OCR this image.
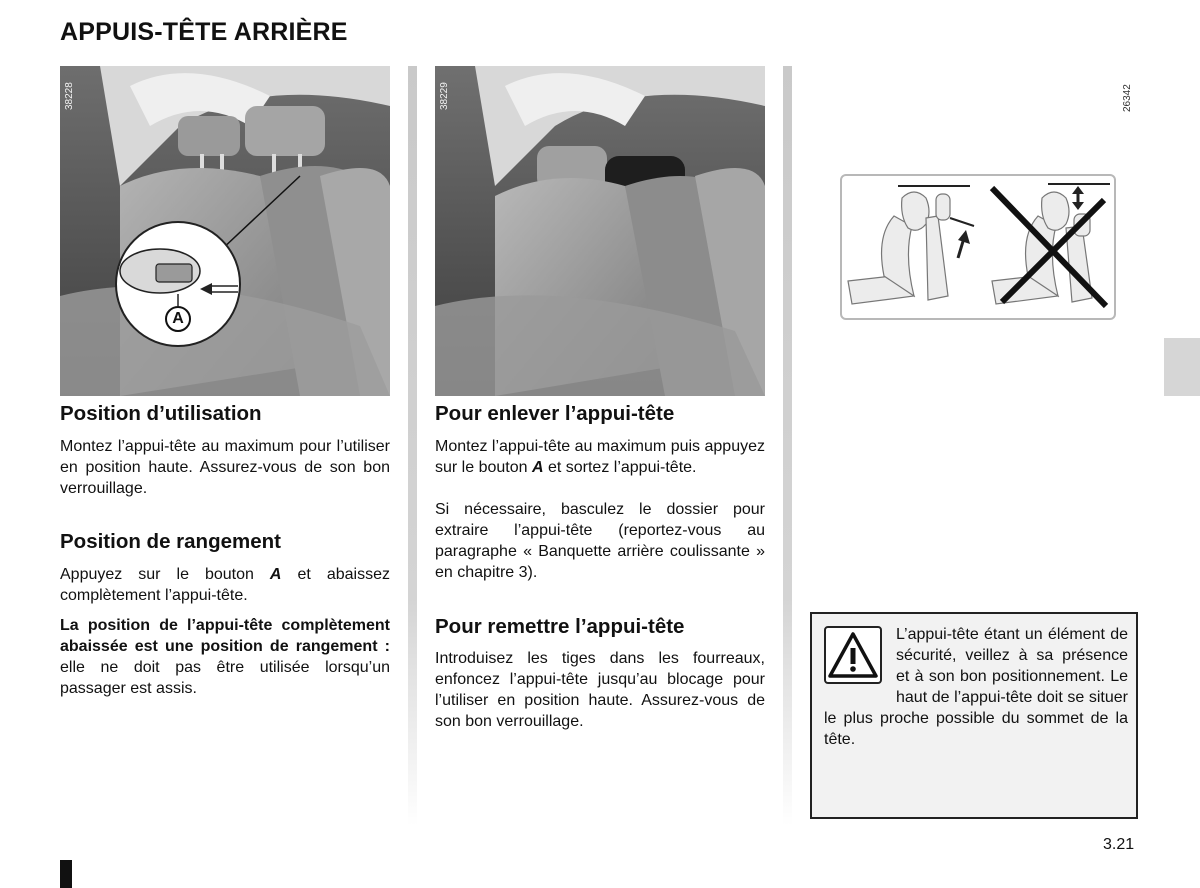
APPUIS-TÊTE ARRIÈRE
A
38228	38229	26342
Position d’utilisation

Montez l’appui-tête au maximum pour l’utiliser en position haute. Assurez-vous de son bon verrouillage.

Position de rangement

Appuyez sur le bouton A et abaissez complètement l’appui-tête.

La position de l’appui-tête complètement abaissée est une position de rangement : elle ne doit pas être utilisée lorsqu’un passager est assis.

Pour enlever l’appui-tête

Montez l’appui-tête au maximum puis appuyez sur le bouton A et sortez l’appui-tête.

Si nécessaire, basculez le dossier pour extraire l’appui-tête (reportez-vous au paragraphe « Banquette arrière coulissante » en chapitre 3).

Pour remettre l’appui-tête

Introduisez les tiges dans les fourreaux, enfoncez l’appui-tête jusqu’au blocage pour l’utiliser en position haute. Assurez-vous de son bon verrouillage.

L’appui-tête étant un élément de sécurité, veillez à sa présence et à son bon positionnement. Le haut de l’appui-tête doit se situer le plus proche possible du sommet de la tête.

3.21
